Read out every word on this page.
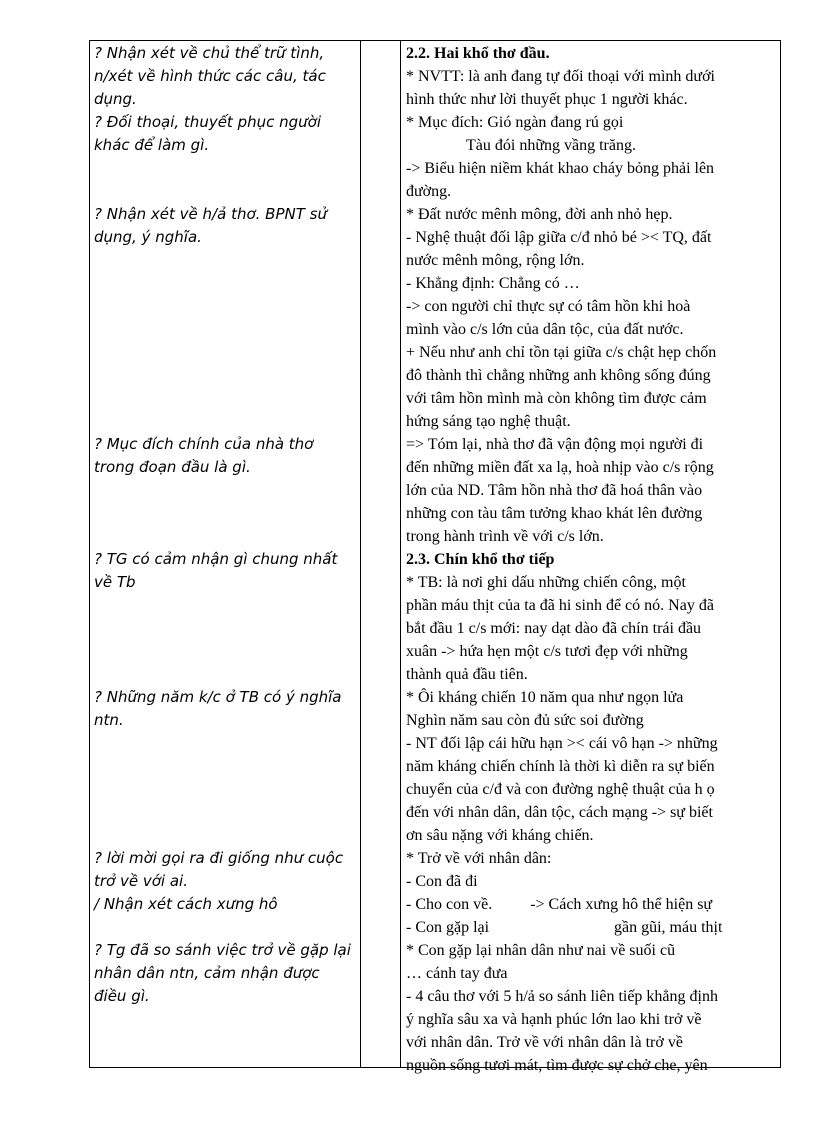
? Nhận xét về chủ thể trữ tình,
n/xét về hình thức các câu, tác
dụng.
? Đối thoại, thuyết phục người
khác để làm gì.
? Nhận xét về h/ả thơ. BPNT sử
dụng, ý nghĩa.
? Mục đích chính của nhà thơ
trong đoạn đầu là gì.
? TG có cảm nhận gì chung nhất
về Tb
? Những năm k/c ở TB có ý nghĩa
ntn.
? lời mời gọi ra đi giống như cuộc
trở về với ai.
/ Nhận xét cách xưng hô
? Tg đã so sánh việc trở về gặp lại
nhân dân ntn, cảm nhận được
điều gì.
2.2. Hai khổ thơ đầu.
* NVTT: là anh đang tự đối thoại với mình dưới
hình thức như lời thuyết phục 1 người khác.
* Mục đích: Gió ngàn đang rú gọi
Tàu đói những vầng trăng.
-> Biểu hiện niềm khát khao cháy bỏng phải lên
đường.
* Đất nước mênh mông, đời anh nhỏ hẹp.
- Nghệ thuật đối lập giữa c/đ nhỏ bé >< TQ, đất
nước mênh mông, rộng lớn.
- Khẳng định: Chẳng có …
-> con người chỉ thực sự có tâm hồn khi hoà
mình vào c/s lớn của dân tộc, của đất nước.
+ Nếu như anh chỉ tồn tại giữa c/s chật hẹp chốn
đô thành thì chẳng những anh không sống đúng
với tâm hồn mình mà còn không tìm được cảm
hứng sáng tạo nghệ thuật.
=> Tóm lại, nhà thơ đã vận động mọi người đi
đến những miền đất xa lạ, hoà nhịp vào c/s rộng
lớn của ND. Tâm hồn nhà thơ đã hoá thân vào
những con tàu tâm tưởng khao khát lên đường
trong hành trình về với c/s lớn.
2.3. Chín khổ thơ tiếp
* TB: là nơi ghi dấu những chiến công, một
phần máu thịt của ta đã hi sinh để có nó. Nay đã
bắt đầu 1 c/s mới: nay dạt dào đã chín trái đầu
xuân -> hứa hẹn một c/s tươi đẹp với những
thành quả đầu tiên.
* Ôi kháng chiến 10 năm qua như ngọn lửa
Nghìn năm sau còn đủ sức soi đường
- NT đối lập cái hữu hạn >< cái vô hạn -> những
năm kháng chiến chính là thời kì diễn ra sự biến
chuyển của c/đ và con đường nghệ thuật của h ọ
đến với nhân dân, dân tộc, cách mạng -> sự biết
ơn sâu nặng với kháng chiến.
* Trở về với nhân dân:
- Con đã đi
- Cho con về. -> Cách xưng hô thể hiện sự
- Con gặp lại	gần gũi, máu thịt
* Con gặp lại nhân dân như nai về suối cũ
… cánh tay đưa
- 4 câu thơ với 5 h/ả so sánh liên tiếp khẳng định
ý nghĩa sâu xa và hạnh phúc lớn lao khi trở về
với nhân dân. Trở về với nhân dân là trở về
nguồn sống tươi mát, tìm được sự chở che, yên
